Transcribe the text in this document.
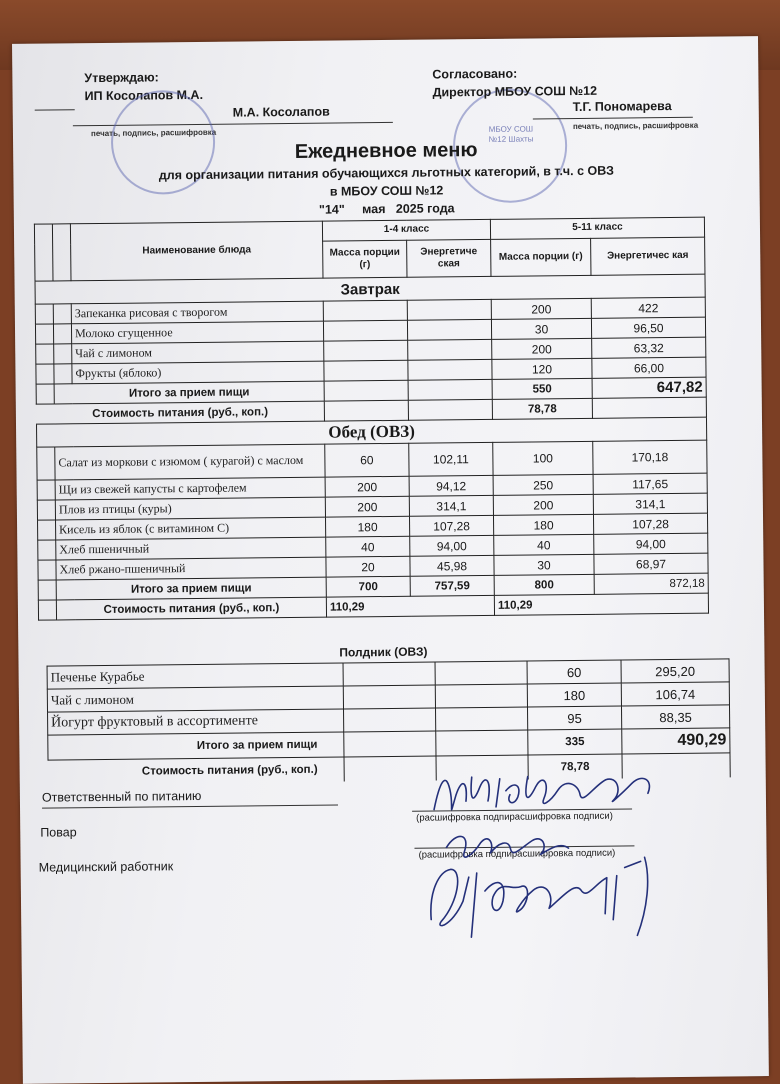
Утверждаю:
ИП Косолапов М.А.
М.А. Косолапов
печать, подпись, расшифровка	МБОУ СОШ №12 Шахты
Согласовано:
Директор МБОУ СОШ №12
Т.Г. Пономарева
печать, подпись, расшифровка
Ежедневное меню
для организации питания обучающихся льготных категорий, в т.ч. с ОВЗ
в МБОУ СОШ №12
"14" мая 2025 года
		Наименование блюда	1-4 класс		5-11 класс	
			Масса порции (г)	Энергетиче ская	Масса порции (г)	Энергетичес кая
Завтрак						
		Запеканка рисовая с творогом			200	422
		Молоко сгущенное			30	96,50
		Чай с лимоном			200	63,32
		Фрукты (яблоко)			120	66,00
	Итого за прием пищи				550	647,82
Стоимость питания (руб., коп.)					78,78	
Обед (ОВЗ)						
	Салат из моркови с изюмом ( курагой) с маслом		60	102,11	100	170,18
	Щи из свежей капусты с картофелем		200	94,12	250	117,65
	Плов из птицы (куры)		200	314,1	200	314,1
	Кисель из яблок (с витамином С)		180	107,28	180	107,28
	Хлеб пшеничный		40	94,00	40	94,00
	Хлеб ржано-пшеничный		20	45,98	30	68,97
	Итого за прием пищи		700	757,59	800	872,18
	Стоимость питания (руб., коп.)		110,29		110,29	
Полдник (ОВЗ)
Печенье Курабье			60	295,20
Чай с лимоном			180	106,74
Йогурт фруктовый в ассортименте			95	88,35
Итого за прием пищи			335	490,29
Стоимость питания (руб., коп.)			78,78	
Ответственный по питанию
(расшифровка подпирасшифровка подписи)
Повар
(расшифровка подпирасшифровка подписи)
Медицинский работник
